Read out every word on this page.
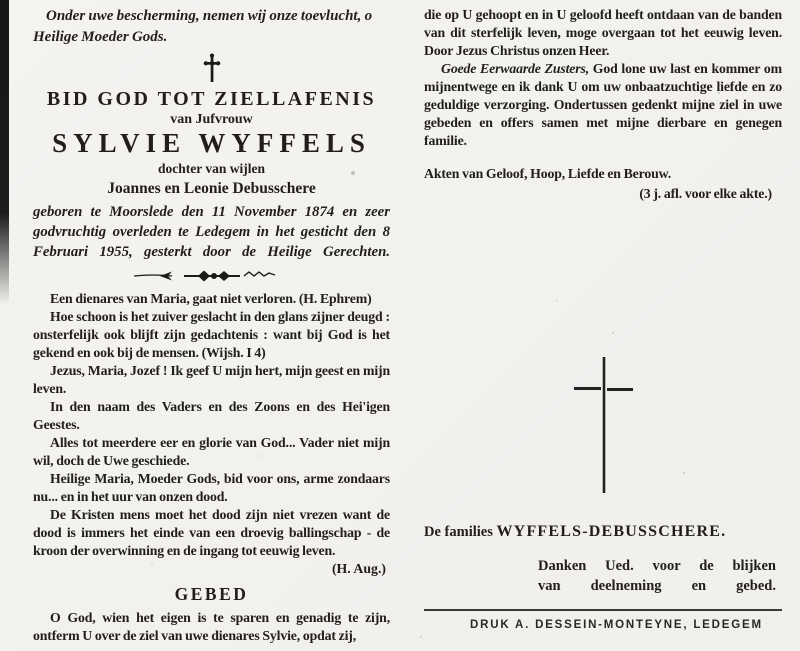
Onder uwe bescherming, nemen wij onze toevlucht, o Heilige Moeder Gods.

BID GOD TOT ZIELLAFENIS
van Jufvrouw
SYLVIE WYFFELS
dochter van wijlen
Joannes en Leonie Debusschere

geboren te Moorslede den 11 November 1874 en zeer godvruchtig overleden te Ledegem in het gesticht den 8 Februari 1955, gesterkt door de Heilige Gerechten.

Een dienares van Maria, gaat niet verloren. (H. Ephrem)

Hoe schoon is het zuiver geslacht in den glans zijner deugd : onsterfelijk ook blijft zijn gedachtenis : want bij God is het gekend en ook bij de mensen. (Wijsh. I 4)

Jezus, Maria, Jozef ! Ik geef U mijn hert, mijn geest en mijn leven.

In den naam des Vaders en des Zoons en des Hei'igen Geestes.

Alles tot meerdere eer en glorie van God... Vader niet mijn wil, doch de Uwe geschiede.

Heilige Maria, Moeder Gods, bid voor ons, arme zondaars nu... en in het uur van onzen dood.

De Kristen mens moet het dood zijn niet vrezen want de dood is immers het einde van een droevig ballingschap - de kroon der overwinning en de ingang tot eeuwig leven.

(H. Aug.)
GEBED

O God, wien het eigen is te sparen en genadig te zijn, ontferm U over de ziel van uwe dienares Sylvie, opdat zij,

die op U gehoopt en in U geloofd heeft ontdaan van de banden van dit sterfelijk leven, moge overgaan tot het eeuwig leven. Door Jezus Christus onzen Heer.

Goede Eerwaarde Zusters, God lone uw last en kommer om mijnentwege en ik dank U om uw onbaatzuchtige liefde en zo geduldige verzorging. Ondertussen gedenkt mijne ziel in uwe gebeden en offers samen met mijne dierbare en genegen familie.

Akten van Geloof, Hoop, Liefde en Berouw.

(3 j. afl. voor elke akte.)
De families WYFFELS-DEBUSSCHERE.
Danken Ued. voor de blijken
van deelneming en gebed.
DRUK A. DESSEIN-MONTEYNE, LEDEGEM
